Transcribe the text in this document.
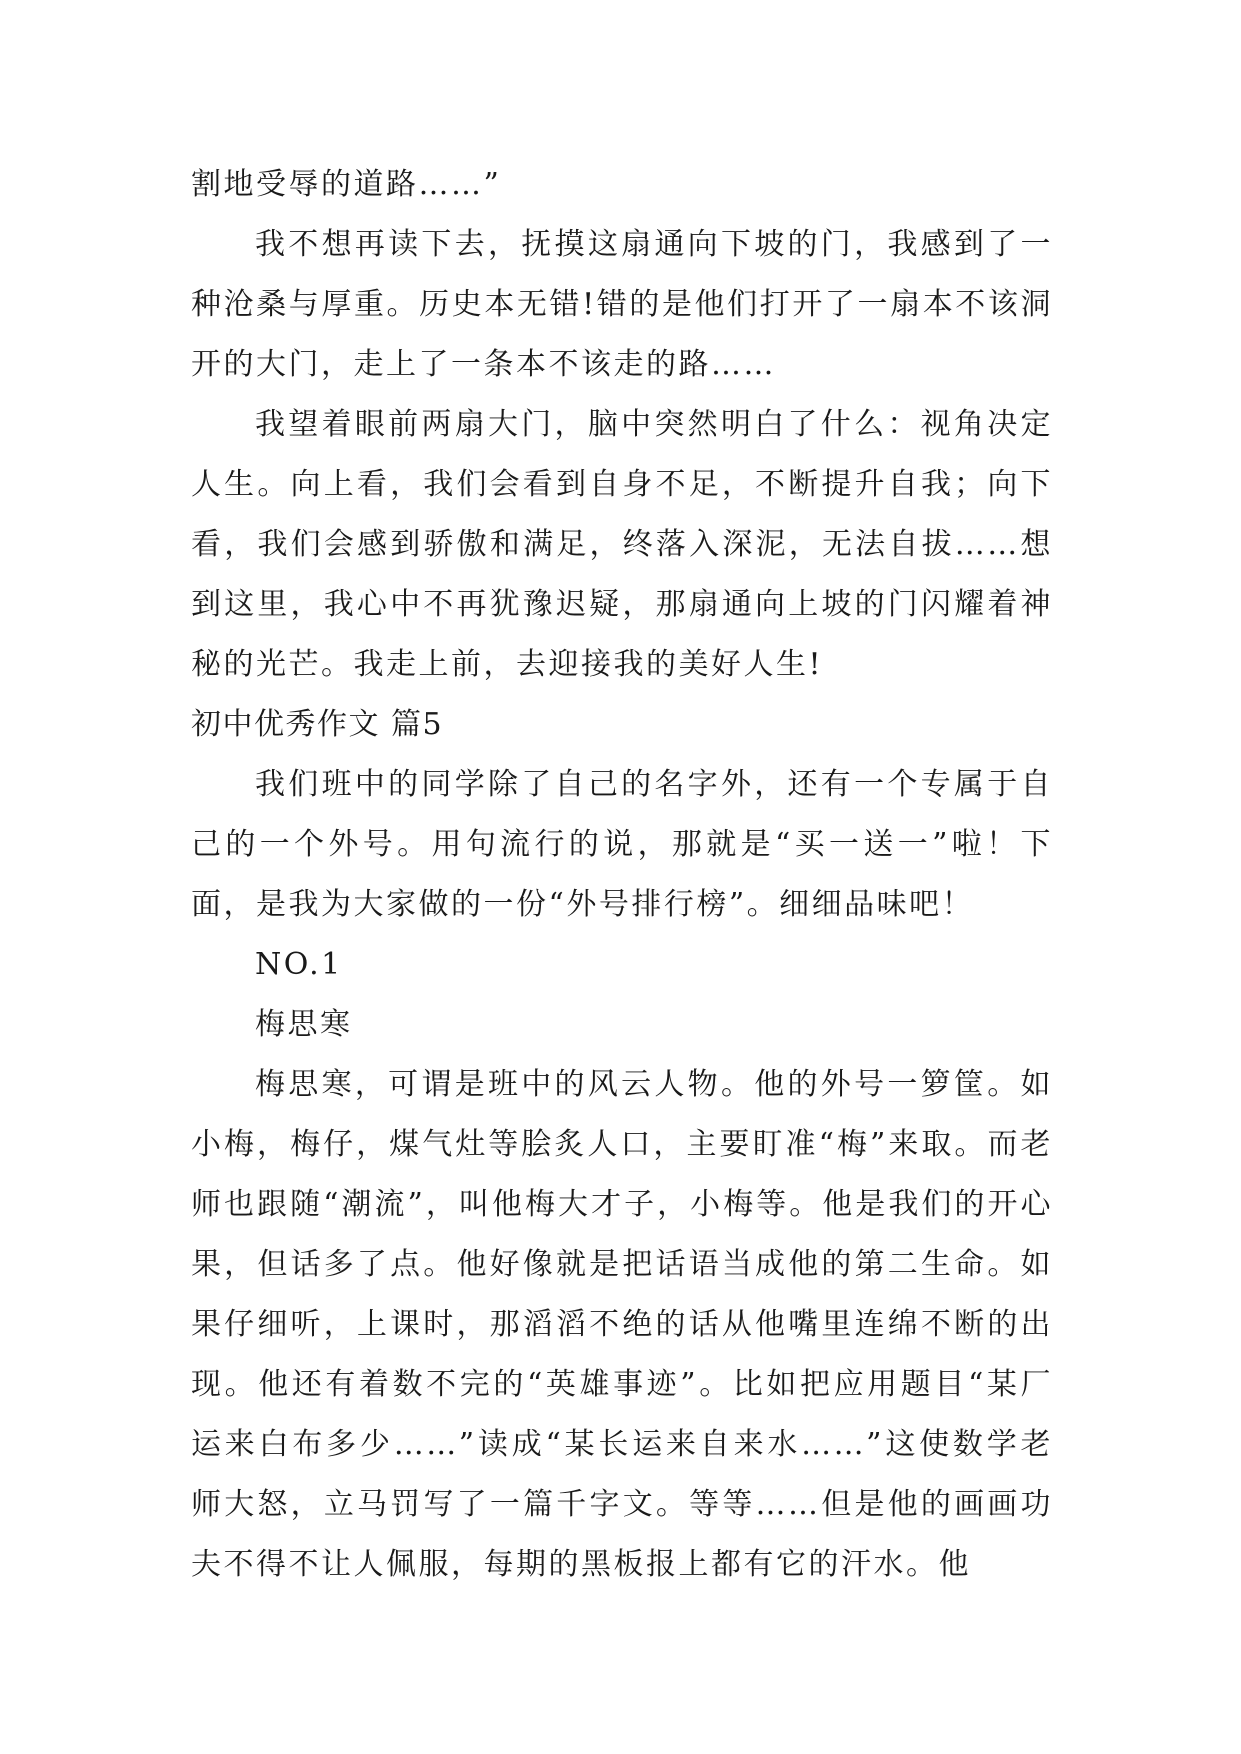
割地受辱的道路……”

我不想再读下去，抚摸这扇通向下坡的门，我感到了一种沧桑与厚重。历史本无错!错的是他们打开了一扇本不该洞开的大门，走上了一条本不该走的路……

我望着眼前两扇大门，脑中突然明白了什么：视角决定人生。向上看，我们会看到自身不足，不断提升自我；向下看，我们会感到骄傲和满足，终落入深泥，无法自拔……想到这里，我心中不再犹豫迟疑，那扇通向上坡的门闪耀着神秘的光芒。我走上前，去迎接我的美好人生!

初中优秀作文 篇5

我们班中的同学除了自己的名字外，还有一个专属于自己的一个外号。用句流行的说，那就是“买一送一”啦！下面，是我为大家做的一份“外号排行榜”。细细品味吧！

NO.1

梅思寒

梅思寒，可谓是班中的风云人物。他的外号一箩筐。如小梅，梅仔，煤气灶等脍炙人口，主要盯准“梅”来取。而老师也跟随“潮流”，叫他梅大才子，小梅等。他是我们的开心果，但话多了点。他好像就是把话语当成他的第二生命。如果仔细听，上课时，那滔滔不绝的话从他嘴里连绵不断的出现。他还有着数不完的“英雄事迹”。比如把应用题目“某厂运来白布多少……”读成“某长运来自来水……”这使数学老师大怒，立马罚写了一篇千字文。等等……但是他的画画功夫不得不让人佩服，每期的黑板报上都有它的汗水。他
